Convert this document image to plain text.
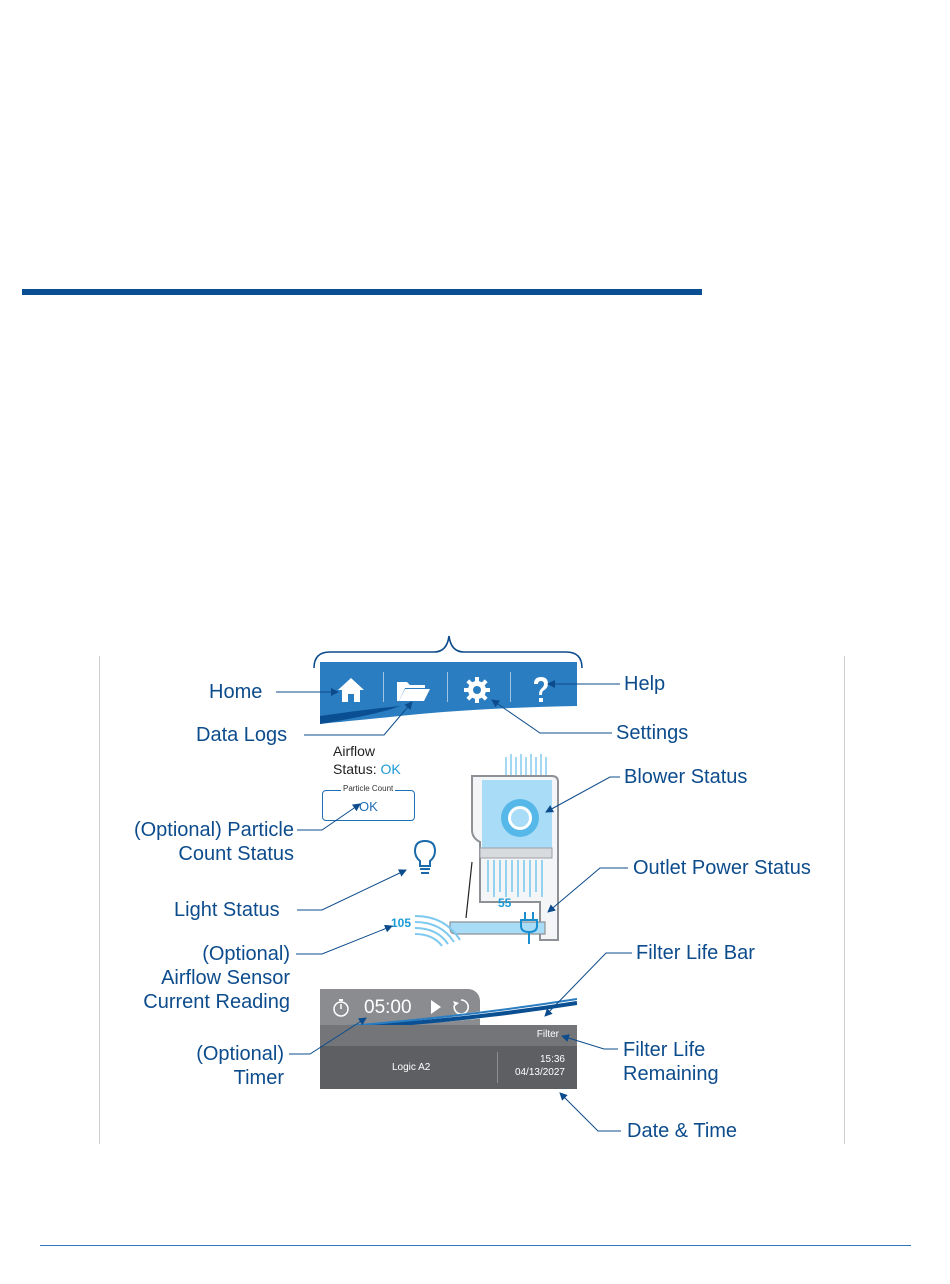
Airflow
Status: OK
Particle Count
OK
55
105
05:00
Filter
Logic A2
15:36
04/13/2027
Home
Data Logs
(Optional) Particle
Count Status
Light Status
(Optional)
Airflow Sensor
Current Reading
(Optional)
Timer
Help
Settings
Blower Status
Outlet Power Status
Filter Life Bar
Filter Life
Remaining
Date & Time
